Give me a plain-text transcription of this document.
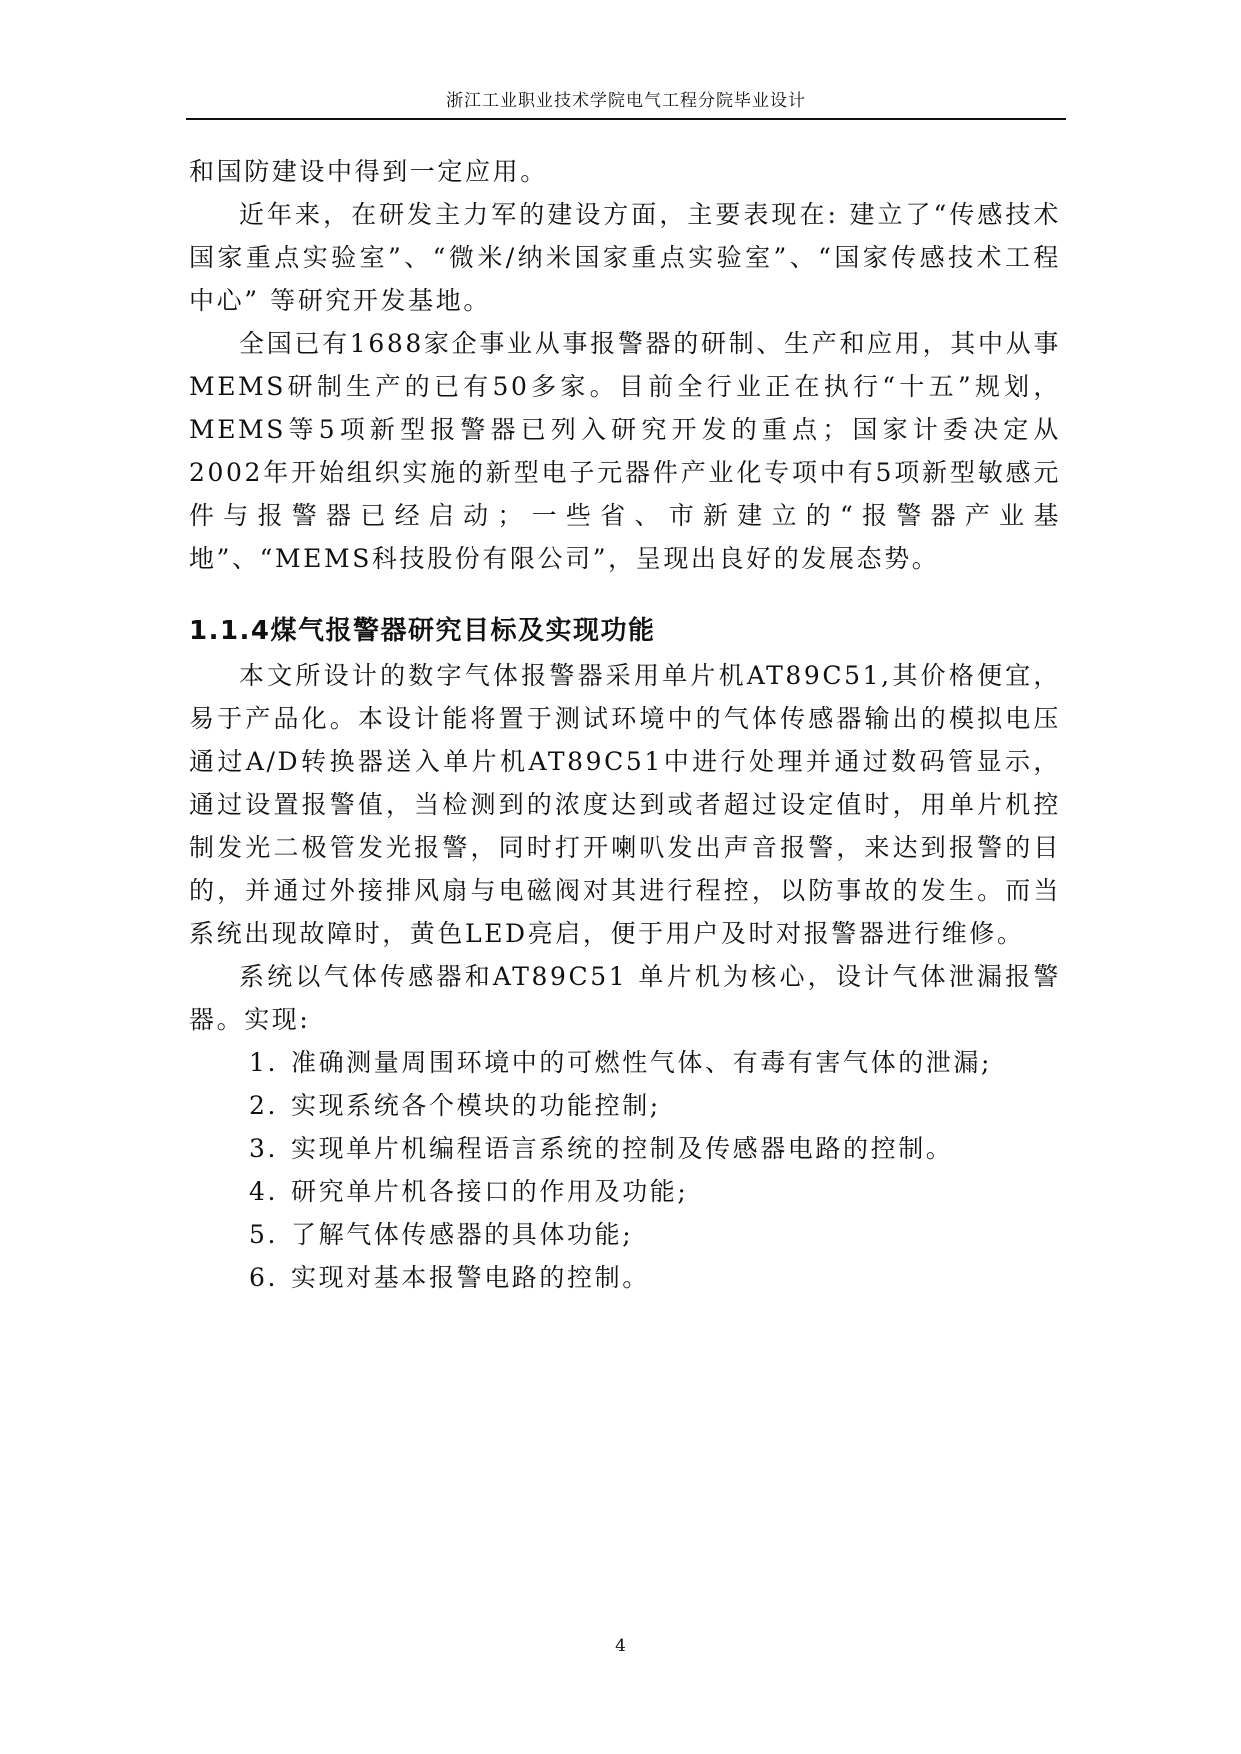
浙江工业职业技术学院电气工程分院毕业设计

和国防建设中得到一定应用。

近年来，在研发主力军的建设方面，主要表现在: 建立了“传感技术国家重点实验室”、“微米/纳米国家重点实验室”、“国家传感技术工程中心” 等研究开发基地。

全国已有1688家企事业从事报警器的研制、生产和应用，其中从事MEMS研制生产的已有50多家。目前全行业正在执行“十五”规划，MEMS等5项新型报警器已列入研究开发的重点；国家计委决定从2002年开始组织实施的新型电子元器件产业化专项中有5项新型敏感元件与报警器已经启动；一些省、市新建立的“报警器产业基地”、“MEMS科技股份有限公司”，呈现出良好的发展态势。

1.1.4煤气报警器研究目标及实现功能

本文所设计的数字气体报警器采用单片机AT89C51,其价格便宜，易于产品化。本设计能将置于测试环境中的气体传感器输出的模拟电压通过A/D转换器送入单片机AT89C51中进行处理并通过数码管显示，通过设置报警值，当检测到的浓度达到或者超过设定值时，用单片机控制发光二极管发光报警，同时打开喇叭发出声音报警，来达到报警的目的，并通过外接排风扇与电磁阀对其进行程控，以防事故的发生。而当系统出现故障时，黄色LED亮启，便于用户及时对报警器进行维修。

系统以气体传感器和AT89C51 单片机为核心，设计气体泄漏报警器。实现:

1. 准确测量周围环境中的可燃性气体、有毒有害气体的泄漏;
2. 实现系统各个模块的功能控制;
3. 实现单片机编程语言系统的控制及传感器电路的控制。
4. 研究单片机各接口的作用及功能;
5. 了解气体传感器的具体功能;
6. 实现对基本报警电路的控制。
4
